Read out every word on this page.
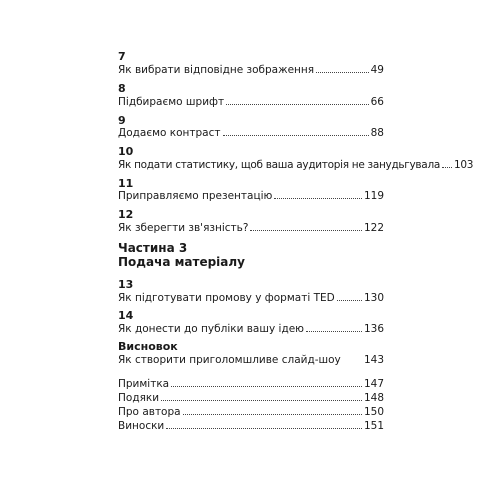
7
Як вибрати відповідне зображення	49
8
Підбираємо шрифт	66
9
Додаємо контраст	88
10
Як подати статистику, щоб ваша аудиторія не занудьгувала 103
11
Приправляємо презентацію	119
12
Як зберегти зв'язність?	122
Частина 3
Подача матеріалу
13
Як підготувати промову у форматі TED	130
14
Як донести до публіки вашу ідею	136
Висновок
Як створити приголомшливе слайд-шоу 143
Примітка	147
Подяки	148
Про автора	150
Виноски	151
